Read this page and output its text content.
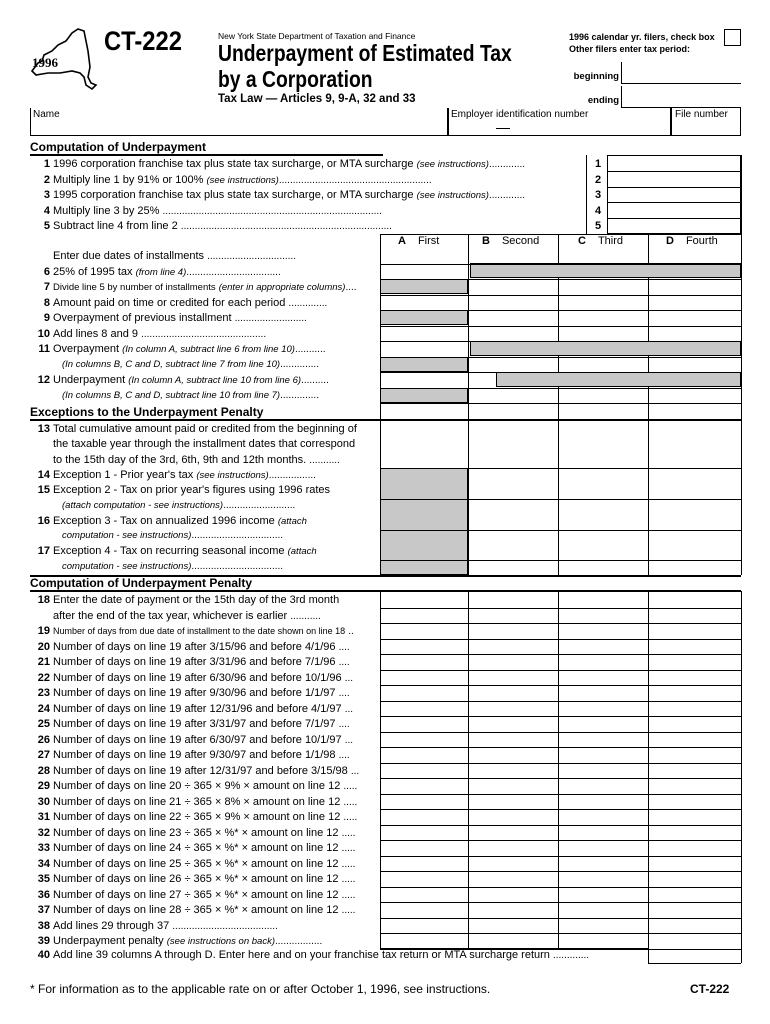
1996
CT-222	New York State Department of Taxation and Finance
Underpayment of Estimated Tax
by a Corporation
Tax Law — Articles 9, 9-A, 32 and 33
1996 calendar yr. filers, check box
Other filers enter tax period:
beginning
ending
Name	Employer identification number	File number
Computation of Underpayment
1 1996 corporation franchise tax plus state tax surcharge, or MTA surcharge (see instructions).............	1
2 Multiply line 1 by 91% or 100% (see instructions).......................................................	2
3 1995 corporation franchise tax plus state tax surcharge, or MTA surcharge (see instructions).............	3
4 Multiply line 3 by 25% ...............................................................................	4
5 Subtract line 4 from line 2 ............................................................................	5
A First	B Second	C Third	D Fourth
Enter due dates of installments ................................
6 25% of 1995 tax (from line 4)..................................
7 Divide line 5 by number of installments (enter in appropriate columns)....
8 Amount paid on time or credited for each period ..............
9 Overpayment of previous installment ..........................
10 Add lines 8 and 9 .............................................
11 Overpayment (In column A, subtract line 6 from line 10)...........
(In columns B, C and D, subtract line 7 from line 10)..............
12 Underpayment (In column A, subtract line 10 from line 6)..........
(In columns B, C and D, subtract line 10 from line 7)..............
Exceptions to the Underpayment Penalty
13 Total cumulative amount paid or credited from the beginning of
the taxable year through the installment dates that correspond
to the 15th day of the 3rd, 6th, 9th and 12th months. ...........
14 Exception 1 - Prior year's tax (see instructions).................
15 Exception 2 - Tax on prior year's figures using 1996 rates
(attach computation - see instructions)..........................
16 Exception 3 - Tax on annualized 1996 income (attach
computation - see instructions).................................
17 Exception 4 - Tax on recurring seasonal income (attach
computation - see instructions).................................
Computation of Underpayment Penalty
18 Enter the date of payment or the 15th day of the 3rd month
after the end of the tax year, whichever is earlier ...........
19 Number of days from due date of installment to the date shown on line 18 ..
20 Number of days on line 19 after 3/15/96 and before 4/1/96 ....
21 Number of days on line 19 after 3/31/96 and before 7/1/96 ....
22 Number of days on line 19 after 6/30/96 and before 10/1/96 ...
23 Number of days on line 19 after 9/30/96 and before 1/1/97 ....
24 Number of days on line 19 after 12/31/96 and before 4/1/97 ...
25 Number of days on line 19 after 3/31/97 and before 7/1/97 ....
26 Number of days on line 19 after 6/30/97 and before 10/1/97 ...
27 Number of days on line 19 after 9/30/97 and before 1/1/98 ....
28 Number of days on line 19 after 12/31/97 and before 3/15/98 ...
29 Number of days on line 20 ÷ 365 × 9% × amount on line 12 .....
30 Number of days on line 21 ÷ 365 × 8% × amount on line 12 .....
31 Number of days on line 22 ÷ 365 × 9% × amount on line 12 .....
32 Number of days on line 23 ÷ 365 × %* × amount on line 12 .....
33 Number of days on line 24 ÷ 365 × %* × amount on line 12 .....
34 Number of days on line 25 ÷ 365 × %* × amount on line 12 .....
35 Number of days on line 26 ÷ 365 × %* × amount on line 12 .....
36 Number of days on line 27 ÷ 365 × %* × amount on line 12 .....
37 Number of days on line 28 ÷ 365 × %* × amount on line 12 .....
38 Add lines 29 through 37 ......................................
39 Underpayment penalty (see instructions on back).................
40 Add line 39 columns A through D. Enter here and on your franchise tax return or MTA surcharge return .............
* For information as to the applicable rate on or after October 1, 1996, see instructions.	CT-222
